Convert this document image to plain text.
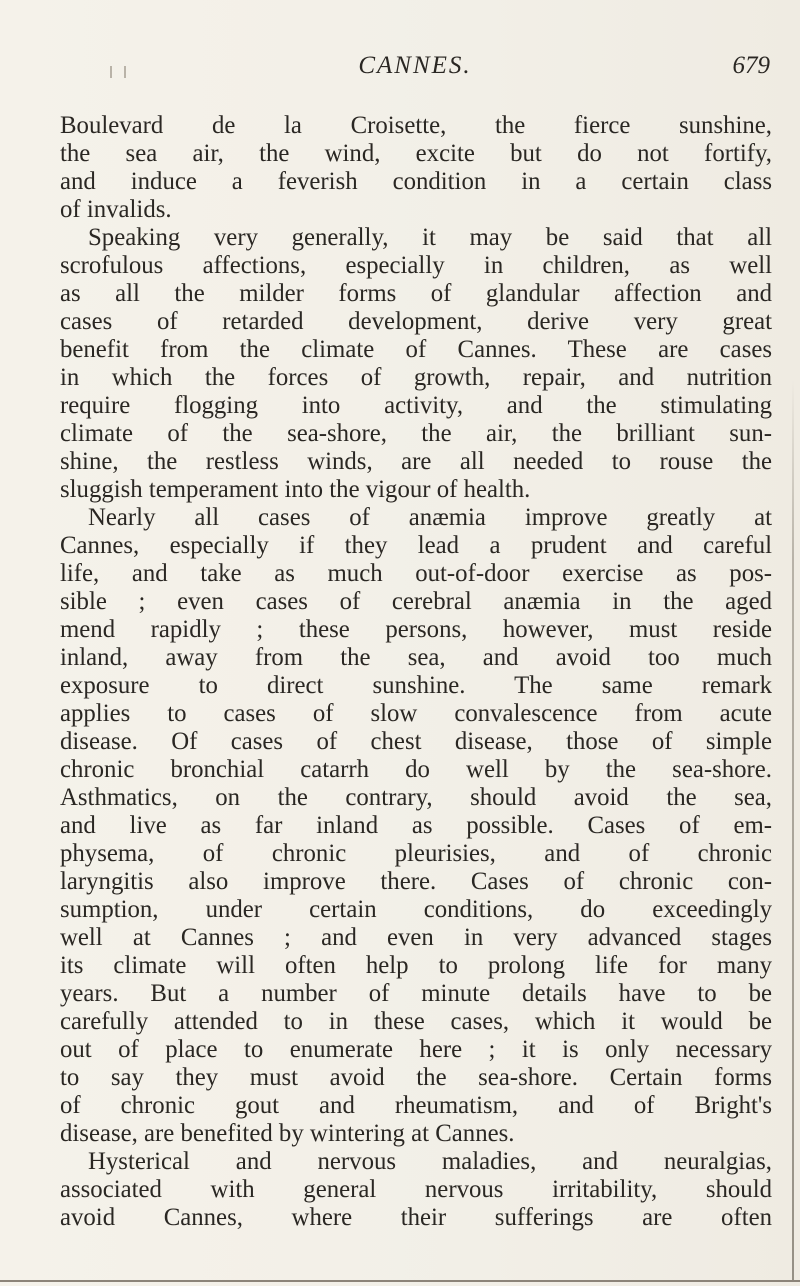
CANNES.	679
Boulevard de la Croisette, the fierce sunshine,
the sea air, the wind, excite but do not fortify,
and induce a feverish condition in a certain class
of invalids.
Speaking very generally, it may be said that all
scrofulous affections, especially in children, as well
as all the milder forms of glandular affection and
cases of retarded development, derive very great
benefit from the climate of Cannes. These are cases
in which the forces of growth, repair, and nutrition
require flogging into activity, and the stimulating
climate of the sea-shore, the air, the brilliant sun-
shine, the restless winds, are all needed to rouse the
sluggish temperament into the vigour of health.
Nearly all cases of anæmia improve greatly at
Cannes, especially if they lead a prudent and careful
life, and take as much out-of-door exercise as pos-
sible ; even cases of cerebral anæmia in the aged
mend rapidly ; these persons, however, must reside
inland, away from the sea, and avoid too much
exposure to direct sunshine. The same remark
applies to cases of slow convalescence from acute
disease. Of cases of chest disease, those of simple
chronic bronchial catarrh do well by the sea-shore.
Asthmatics, on the contrary, should avoid the sea,
and live as far inland as possible. Cases of em-
physema, of chronic pleurisies, and of chronic
laryngitis also improve there. Cases of chronic con-
sumption, under certain conditions, do exceedingly
well at Cannes ; and even in very advanced stages
its climate will often help to prolong life for many
years. But a number of minute details have to be
carefully attended to in these cases, which it would be
out of place to enumerate here ; it is only necessary
to say they must avoid the sea-shore. Certain forms
of chronic gout and rheumatism, and of Bright's
disease, are benefited by wintering at Cannes.
Hysterical and nervous maladies, and neuralgias,
associated with general nervous irritability, should
avoid Cannes, where their sufferings are often
